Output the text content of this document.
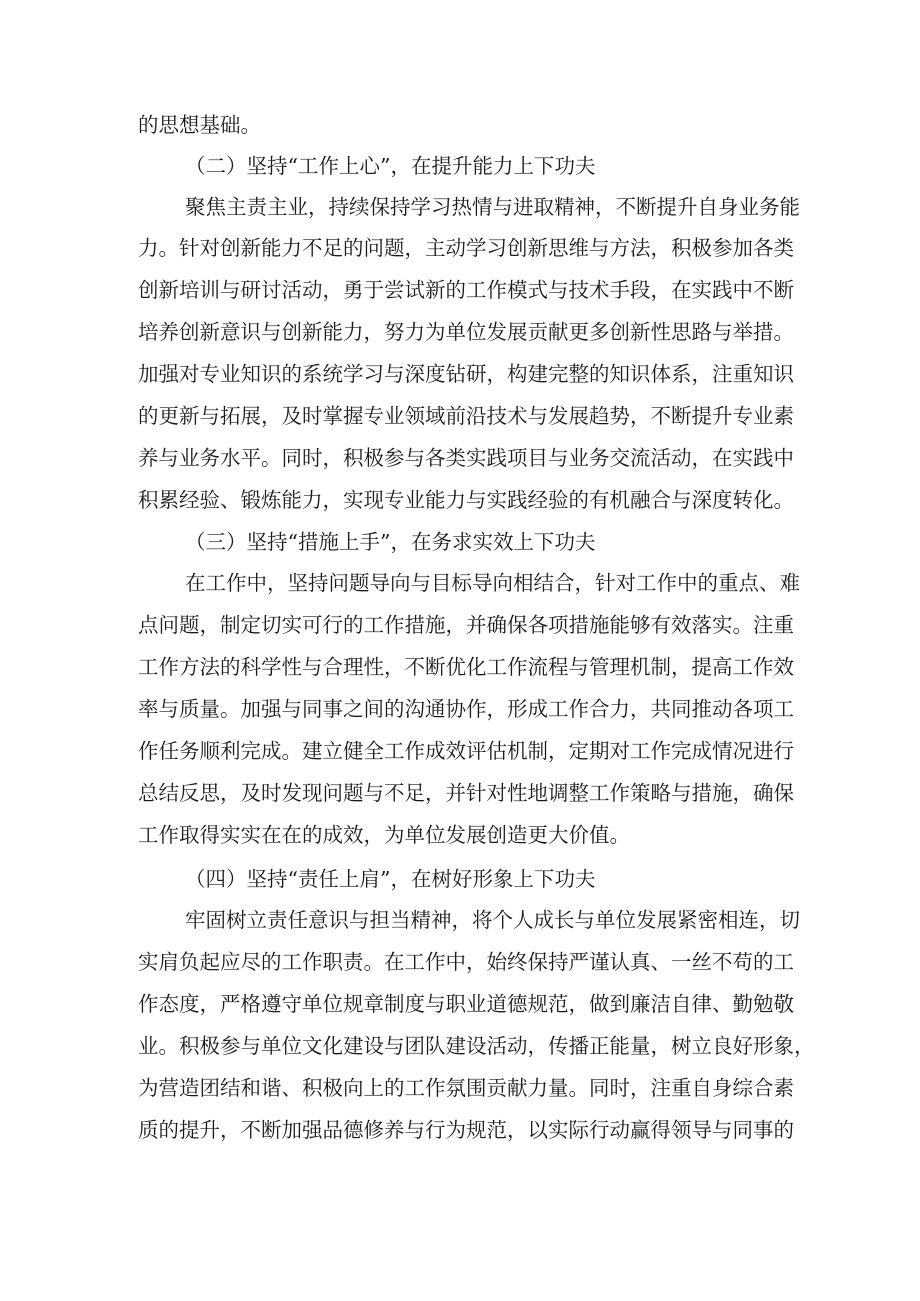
的思想基础。
（二）坚持“工作上心”，在提升能力上下功夫
聚焦主责主业，持续保持学习热情与进取精神，不断提升自身业务能
力。针对创新能力不足的问题，主动学习创新思维与方法，积极参加各类
创新培训与研讨活动，勇于尝试新的工作模式与技术手段，在实践中不断
培养创新意识与创新能力，努力为单位发展贡献更多创新性思路与举措。
加强对专业知识的系统学习与深度钻研，构建完整的知识体系，注重知识
的更新与拓展，及时掌握专业领域前沿技术与发展趋势，不断提升专业素
养与业务水平。同时，积极参与各类实践项目与业务交流活动，在实践中
积累经验、锻炼能力，实现专业能力与实践经验的有机融合与深度转化。
（三）坚持“措施上手”，在务求实效上下功夫
在工作中，坚持问题导向与目标导向相结合，针对工作中的重点、难
点问题，制定切实可行的工作措施，并确保各项措施能够有效落实。注重
工作方法的科学性与合理性，不断优化工作流程与管理机制，提高工作效
率与质量。加强与同事之间的沟通协作，形成工作合力，共同推动各项工
作任务顺利完成。建立健全工作成效评估机制，定期对工作完成情况进行
总结反思，及时发现问题与不足，并针对性地调整工作策略与措施，确保
工作取得实实在在的成效，为单位发展创造更大价值。
（四）坚持“责任上肩”，在树好形象上下功夫
牢固树立责任意识与担当精神，将个人成长与单位发展紧密相连，切
实肩负起应尽的工作职责。在工作中，始终保持严谨认真、一丝不苟的工
作态度，严格遵守单位规章制度与职业道德规范，做到廉洁自律、勤勉敬
业。积极参与单位文化建设与团队建设活动，传播正能量，树立良好形象，
为营造团结和谐、积极向上的工作氛围贡献力量。同时，注重自身综合素
质的提升，不断加强品德修养与行为规范，以实际行动赢得领导与同事的
